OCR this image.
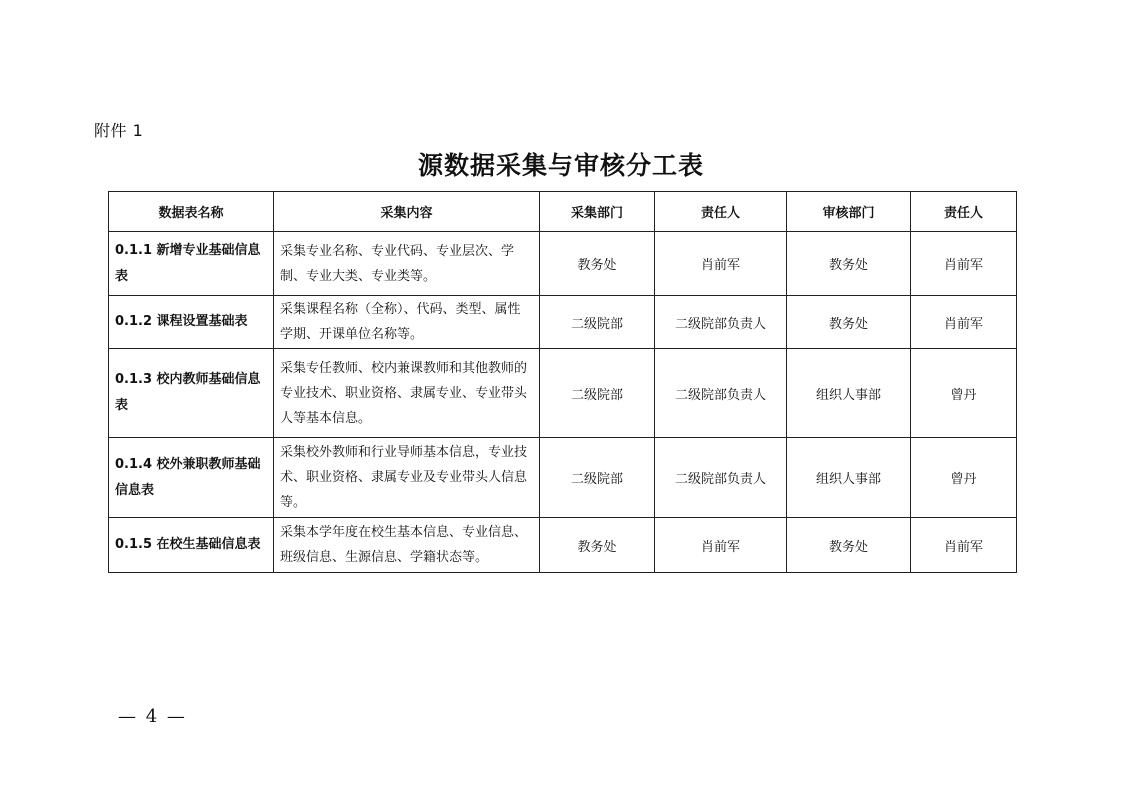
附件 1
源数据采集与审核分工表
数据表名称	采集内容	采集部门	责任人	审核部门	责任人
0.1.1 新增专业基础信息表	采集专业名称、专业代码、专业层次、学制、专业大类、专业类等。	教务处	肖前军	教务处	肖前军
0.1.2 课程设置基础表	采集课程名称（全称）、代码、类型、属性学期、开课单位名称等。	二级院部	二级院部负责人	教务处	肖前军
0.1.3 校内教师基础信息表	采集专任教师、校内兼课教师和其他教师的专业技术、职业资格、隶属专业、专业带头人等基本信息。	二级院部	二级院部负责人	组织人事部	曾丹
0.1.4 校外兼职教师基础信息表	采集校外教师和行业导师基本信息，专业技术、职业资格、隶属专业及专业带头人信息等。	二级院部	二级院部负责人	组织人事部	曾丹
0.1.5 在校生基础信息表	采集本学年度在校生基本信息、专业信息、班级信息、生源信息、学籍状态等。	教务处	肖前军	教务处	肖前军
— 4 —
